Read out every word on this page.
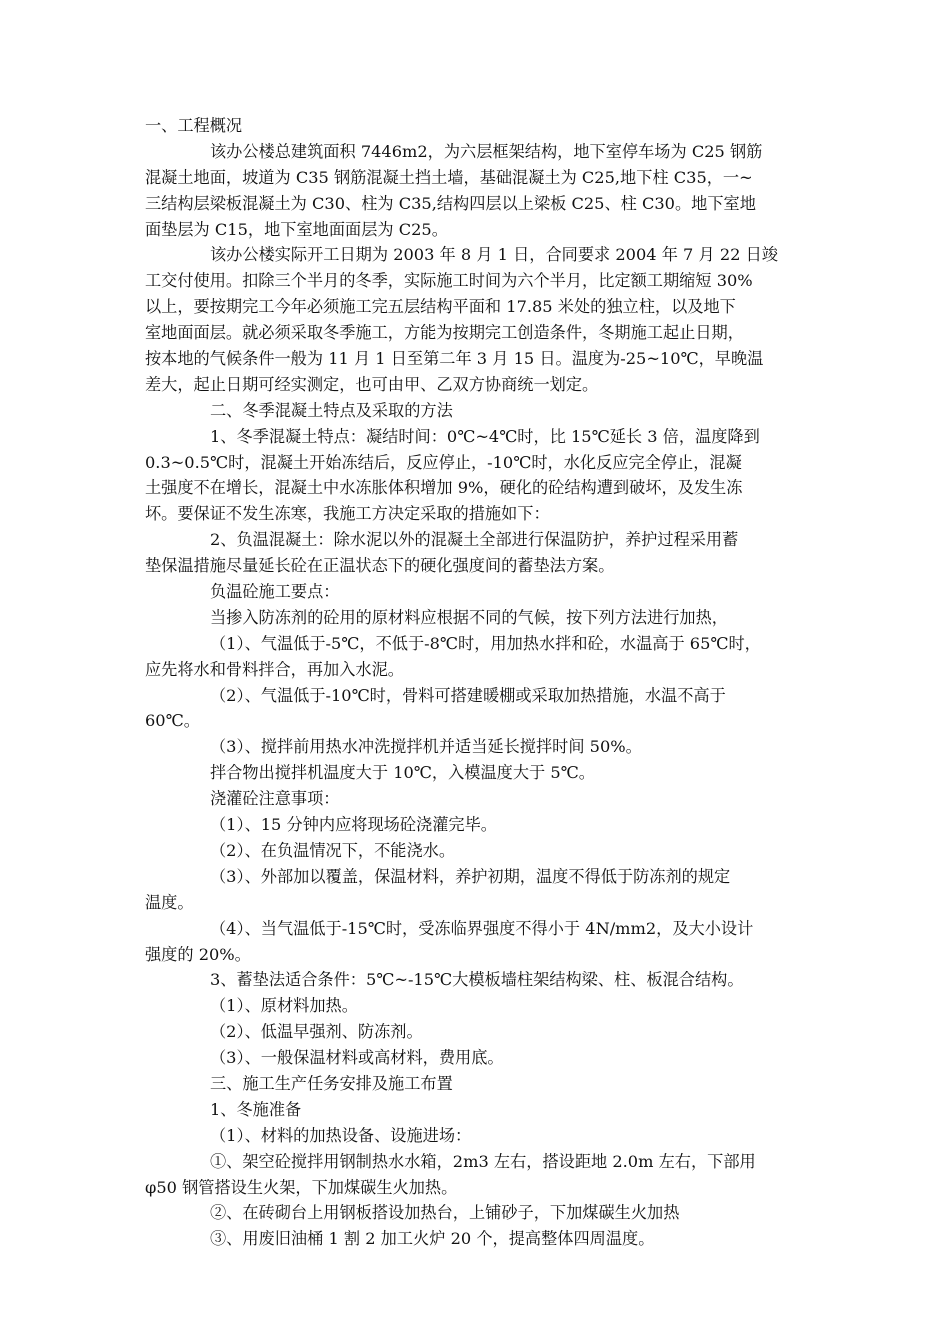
一、工程概况
该办公楼总建筑面积 7446m2，为六层框架结构，地下室停车场为 C25 钢筋
混凝土地面，坡道为 C35 钢筋混凝土挡土墙，基础混凝土为 C25,地下柱 C35，一~
三结构层梁板混凝土为 C30、柱为 C35,结构四层以上梁板 C25、柱 C30。地下室地
面垫层为 C15，地下室地面面层为 C25。
该办公楼实际开工日期为 2003 年 8 月 1 日，合同要求 2004 年 7 月 22 日竣
工交付使用。扣除三个半月的冬季，实际施工时间为六个半月，比定额工期缩短 30%
以上，要按期完工今年必须施工完五层结构平面和 17.85 米处的独立柱，以及地下
室地面面层。就必须采取冬季施工，方能为按期完工创造条件，冬期施工起止日期，
按本地的气候条件一般为 11 月 1 日至第二年 3 月 15 日。温度为-25~10℃，早晚温
差大，起止日期可经实测定，也可由甲、乙双方协商统一划定。
二、冬季混凝土特点及采取的方法
1、冬季混凝土特点：凝结时间：0℃~4℃时，比 15℃延长 3 倍，温度降到
0.3~0.5℃时，混凝土开始冻结后，反应停止，-10℃时，水化反应完全停止，混凝
土强度不在增长，混凝土中水冻胀体积增加 9%，硬化的砼结构遭到破坏，及发生冻
坏。要保证不发生冻寒，我施工方决定采取的措施如下：
2、负温混凝土：除水泥以外的混凝土全部进行保温防护，养护过程采用蓄
垫保温措施尽量延长砼在正温状态下的硬化强度间的蓄垫法方案。
负温砼施工要点：
当掺入防冻剂的砼用的原材料应根据不同的气候，按下列方法进行加热，
（1）、气温低于-5℃，不低于-8℃时，用加热水拌和砼，水温高于 65℃时，
应先将水和骨料拌合，再加入水泥。
（2）、气温低于-10℃时，骨料可搭建暖棚或采取加热措施，水温不高于
60℃。
（3）、搅拌前用热水冲洗搅拌机并适当延长搅拌时间 50%。
拌合物出搅拌机温度大于 10℃，入模温度大于 5℃。
浇灌砼注意事项：
（1）、15 分钟内应将现场砼浇灌完毕。
（2）、在负温情况下，不能浇水。
（3）、外部加以覆盖，保温材料，养护初期，温度不得低于防冻剂的规定
温度。
（4）、当气温低于-15℃时，受冻临界强度不得小于 4N/mm2，及大小设计
强度的 20%。
3、蓄垫法适合条件：5℃~-15℃大模板墙柱架结构梁、柱、板混合结构。
（1）、原材料加热。
（2）、低温早强剂、防冻剂。
（3）、一般保温材料或高材料，费用底。
三、施工生产任务安排及施工布置
1、冬施准备
（1）、材料的加热设备、设施进场：
①、架空砼搅拌用钢制热水水箱，2m3 左右，搭设距地 2.0m 左右，下部用
φ50 钢管搭设生火架，下加煤碳生火加热。
②、在砖砌台上用钢板搭设加热台，上铺砂子，下加煤碳生火加热
③、用废旧油桶 1 割 2 加工火炉 20 个，提高整体四周温度。
